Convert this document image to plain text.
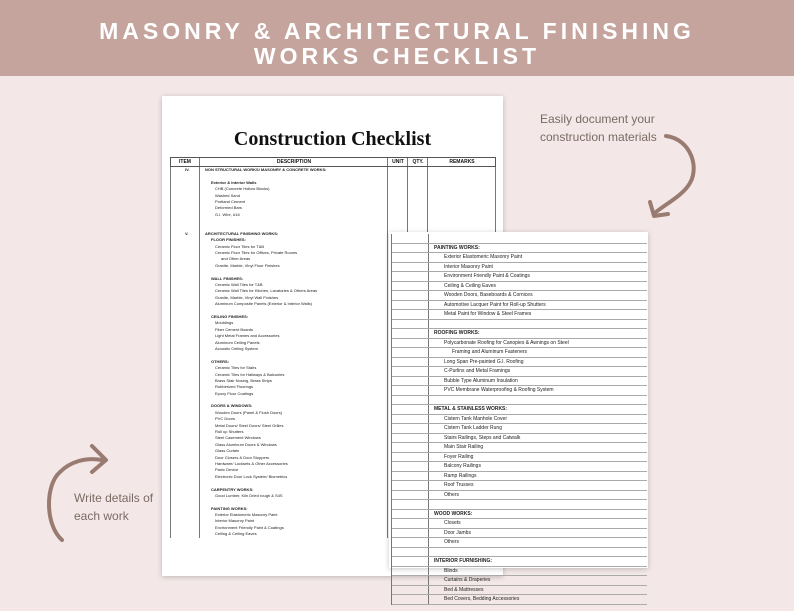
MASONRY & ARCHITECTURAL FINISHING
WORKS CHECKLIST
Easily document your construction materials
Write details of each work
Construction Checklist
ITEM	DESCRIPTION	UNIT	QTY.	REMARKS
IV.	NON STRUCTURAL WORKS/ MASONRY & CONCRETE WORKS:
Exterior & Interior Walls
CHB (Concrete Hollow Blocks)
Washed Sand
Portland Cement
Deformed Bars
G.I. Wire, #16
V.	ARCHITECTURAL FINISHING WORKS:
FLOOR FINISHES:
Ceramic Floor Tiles for T&B
Ceramic Floor Tiles for Offices, Private Rooms
and Other Areas
Granite, Marble, Vinyl Floor Finishes
WALL FINISHES:
Ceramic Wall Tiles for T&B
Ceramic Wall Tiles for Kitchen, Lavatories & Others Areas
Granite, Marble, Vinyl Wall Finishes
Aluminum Composite Panels (Exterior & Interior Walls)
CEILING FINISHES:
Mouldings
Fiber Cement Boards
Light Metal Frames and Accessories
Aluminum Ceiling Panels
Acoustic Ceiling System
OTHERS:
Ceramic Tiles for Stairs
Ceramic Tiles for Hallways & Balconies
Brass Stair Nosing, Brass Strips
Rubberized Floorings
Epoxy Floor Coatings
DOORS & WINDOWS:
Wooden Doors (Panel & Flush Doors)
PVC Doors
Metal Doors/ Steel Doors/ Steel Grilles
Roll up Shutters
Steel Casement Windows
Glass Aluminum Doors & Windows
Glass Curtain
Door Closers & Door Stoppers
Hardware/ Locksets & Other Accessories
Panic Device
Electronic Door Lock System/ Biometrics
CARPENTRY WORKS:
Good Lumber, Kiln Dried rough & S4S
PAINTING WORKS:
Exterior Elastomeric Masonry Paint
Interior Masonry Paint
Environment Friendly Paint & Coatings
Ceiling & Ceiling Eaves
PAINTING WORKS:
Exterior Elastomeric Masonry Paint
Interior Masonry Paint
Environment Friendly Paint & Coatings
Ceiling & Ceiling Eaves
Wooden Doors, Baseboards & Cornices
Automotive Lacquer Paint for Roll-up Shutters
Metal Paint for Window & Steel Frames
ROOFING WORKS:
Polycarbonate Roofing for Canopies & Awnings on Steel
Framing and Aluminum Fasteners
Long Span Pre-painted G.I. Roofing
C-Purlins and Metal Framings
Bubble Type Aluminum Insulation
PVC Membrane Waterproofing & Roofing System
METAL & STAINLESS WORKS:
Cistern Tank Manhole Cover
Cistern Tank Ladder Rung
Stairs Railings, Steps and Catwalk
Main Stair Railing
Foyer Railing
Balcony Railings
Ramp Railings
Roof Trusses
Others
WOOD WORKS:
Closets
Door Jambs
Others
INTERIOR FURNISHING:
Blinds
Curtains & Draperies
Bed & Mattresses
Bed Covers, Bedding Accessories
